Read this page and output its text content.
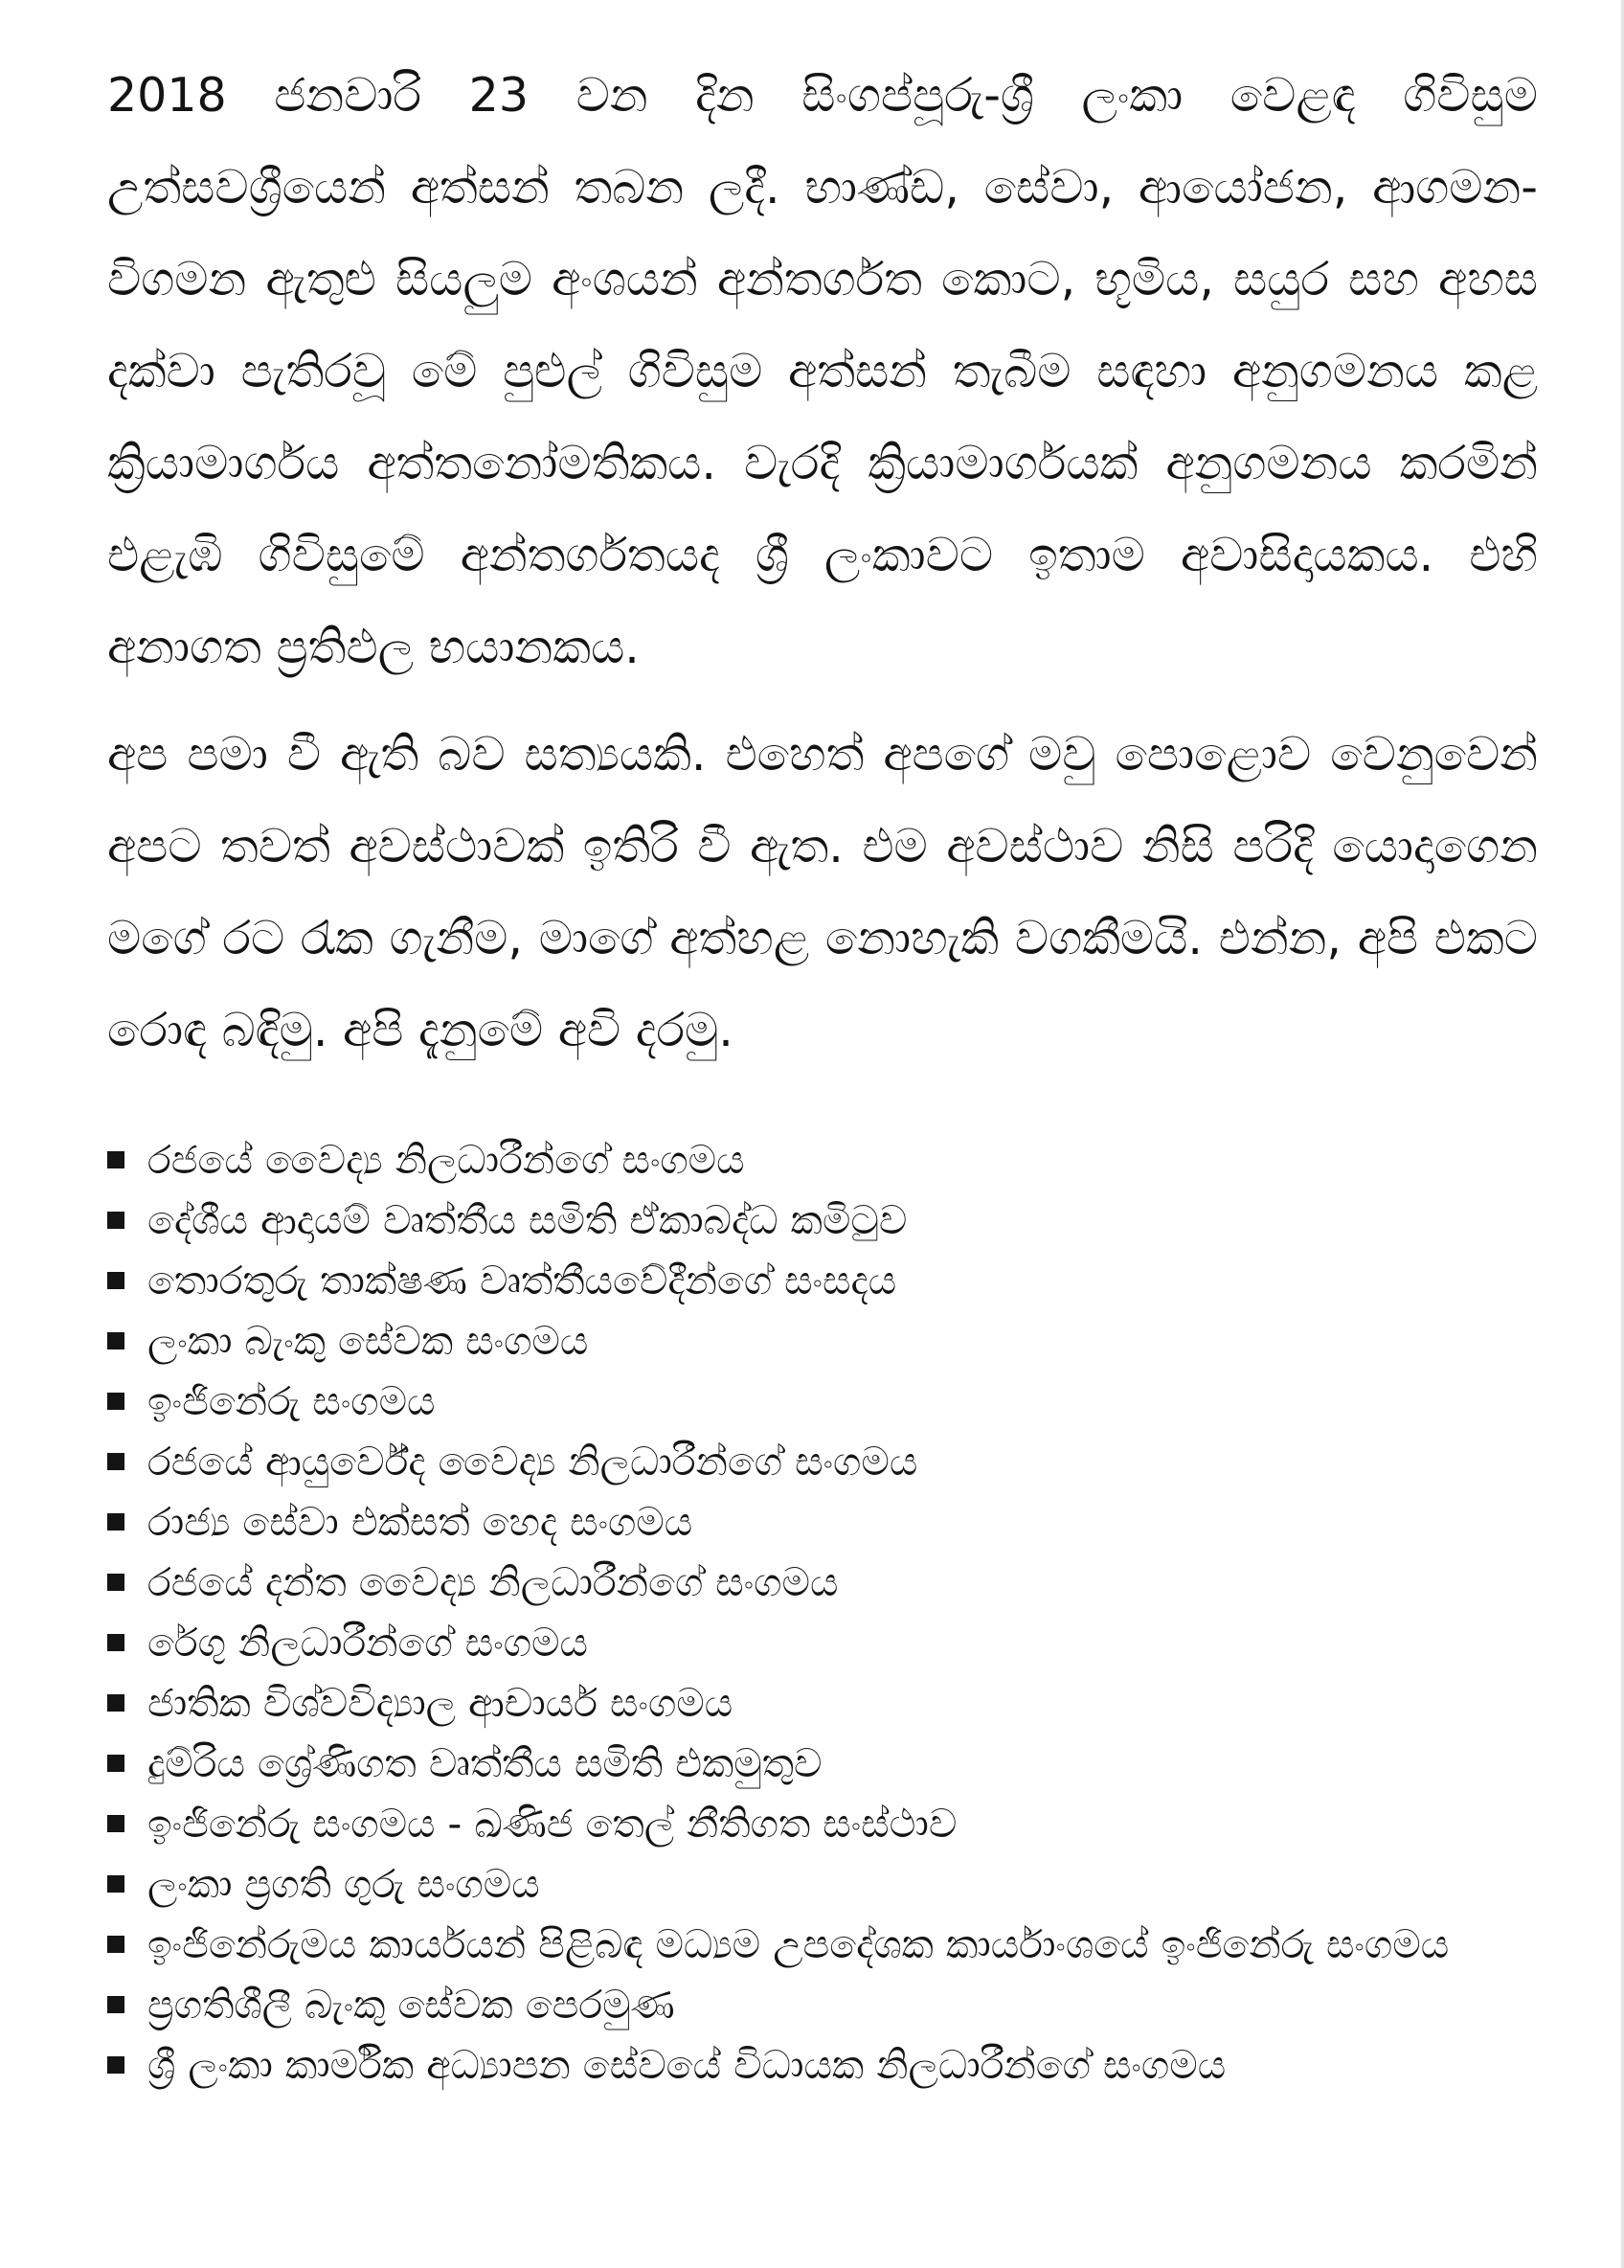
2018 ජනවාරි 23 වන දින සිංගප්පූරු-ශ්‍රී ලංකා වෙළඳ ගිවිසුම උත්සවශ්‍රීයෙන් අත්සන් තබන ලදී. භාණ්ඩ, සේවා, ආයෝජන, ආගමන-විගමන ඇතුළු සියලුම අංශයන් අන්තර්ගත කොට, භූමිය, සයුර සහ අහස දක්වා පැතිරවූ මේ පුළුල් ගිවිසුම අත්සන් තැබීම සඳහා අනුගමනය කළ ක්‍රියාමාර්ගය අත්තනෝමතිකය. වැරදි ක්‍රියාමාර්ගයක් අනුගමනය කරමින් එළැඹි ගිවිසුමේ අන්තර්ගතයද ශ්‍රී ලංකාවට ඉතාම අවාසිදායකය. එහි අනාගත ප්‍රතිඵල භයානකය.

අප පමා වී ඇති බව සත්‍යයකි. එහෙත් අපගේ මවු පොළොව වෙනුවෙන් අපට තවත් අවස්ථාවක් ඉතිරි වී ඇත. එම අවස්ථාව නිසි පරිදි යොදාගෙන මගේ රට රැක ගැනීම, මාගේ අත්හළ නොහැකි වගකීමයි. එන්න, අපි එකට රොඳ බඳිමු. අපි දැනුමේ අවි දරමු.

රජයේ වෛද්‍ය නිලධාරීන්ගේ සංගමය
දේශීය ආදායම් වෘත්තීය සමිති ඒකාබද්ධ කමිටුව
තොරතුරු තාක්ෂණ වෘත්තීයවේදීන්ගේ සංසදය
ලංකා බැංකු සේවක සංගමය
ඉංජිනේරු සංගමය
රජයේ ආයුර්වේද වෛද්‍ය නිලධාරීන්ගේ සංගමය
රාජ්‍ය සේවා එක්සත් හෙද සංගමය
රජයේ දන්ත වෛද්‍ය නිලධාරීන්ගේ සංගමය
රේගු නිලධාරීන්ගේ සංගමය
ජාතික විශ්වවිද්‍යාල ආචාර්ය සංගමය
දුම්රිය ශ්‍රේණිගත වෘත්තීය සමිති එකමුතුව
ඉංජිනේරු සංගමය - ඛණිජ තෙල් නීතිගත සංස්ථාව
ලංකා ප්‍රගති ගුරු සංගමය
ඉංජිනේරුමය කාර්යයන් පිළිබඳ මධ්‍යම උපදේශක කාර්යාංශයේ ඉංජිනේරු සංගමය
ප්‍රගතිශීලී බැංකු සේවක පෙරමුණ
ශ්‍රී ලංකා කාර්මික අධ්‍යාපන සේවයේ විධායක නිලධාරීන්ගේ සංගමය
